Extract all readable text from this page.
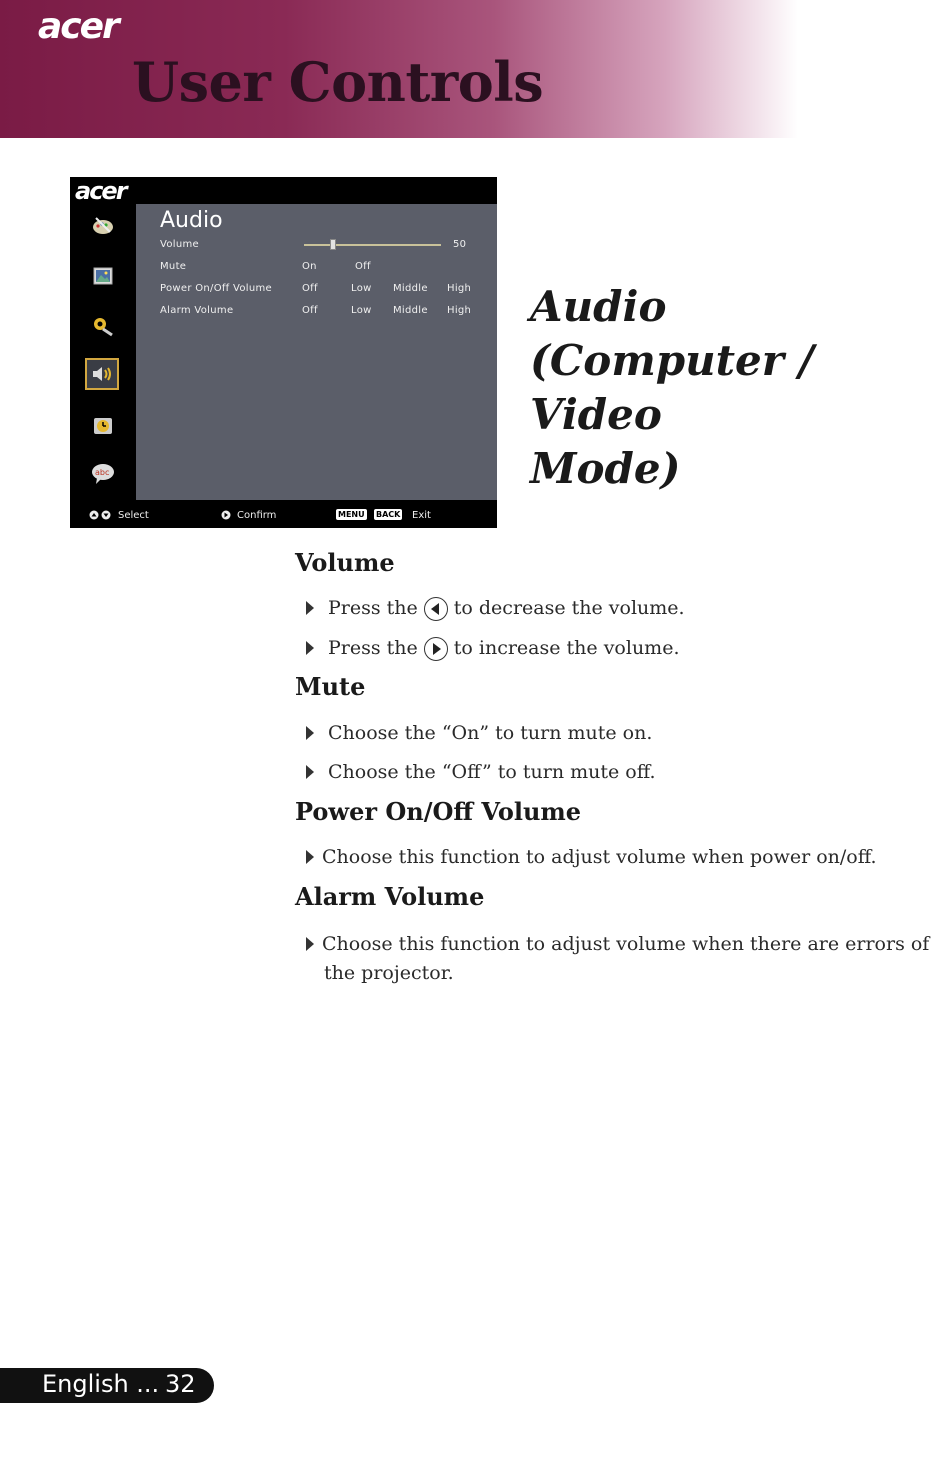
acer
User Controls
acer
abc
Audio
Volume	50
Mute	On	Off
Power On/Off Volume	Off	Low Middle High
Alarm Volume	Off	Low Middle High
Select	Confirm	MENU BACK Exit
Audio
(Computer / Video
Mode)
Volume
Press the to decrease the volume.
Press the to increase the volume.
Mute
Choose the “On” to turn mute on.
Choose the “Off” to turn mute off.
Power On/Off Volume
Choose this function to adjust volume when power on/off.
Alarm Volume
Choose this function to adjust volume when there are errors of
the projector.
English ... 32
